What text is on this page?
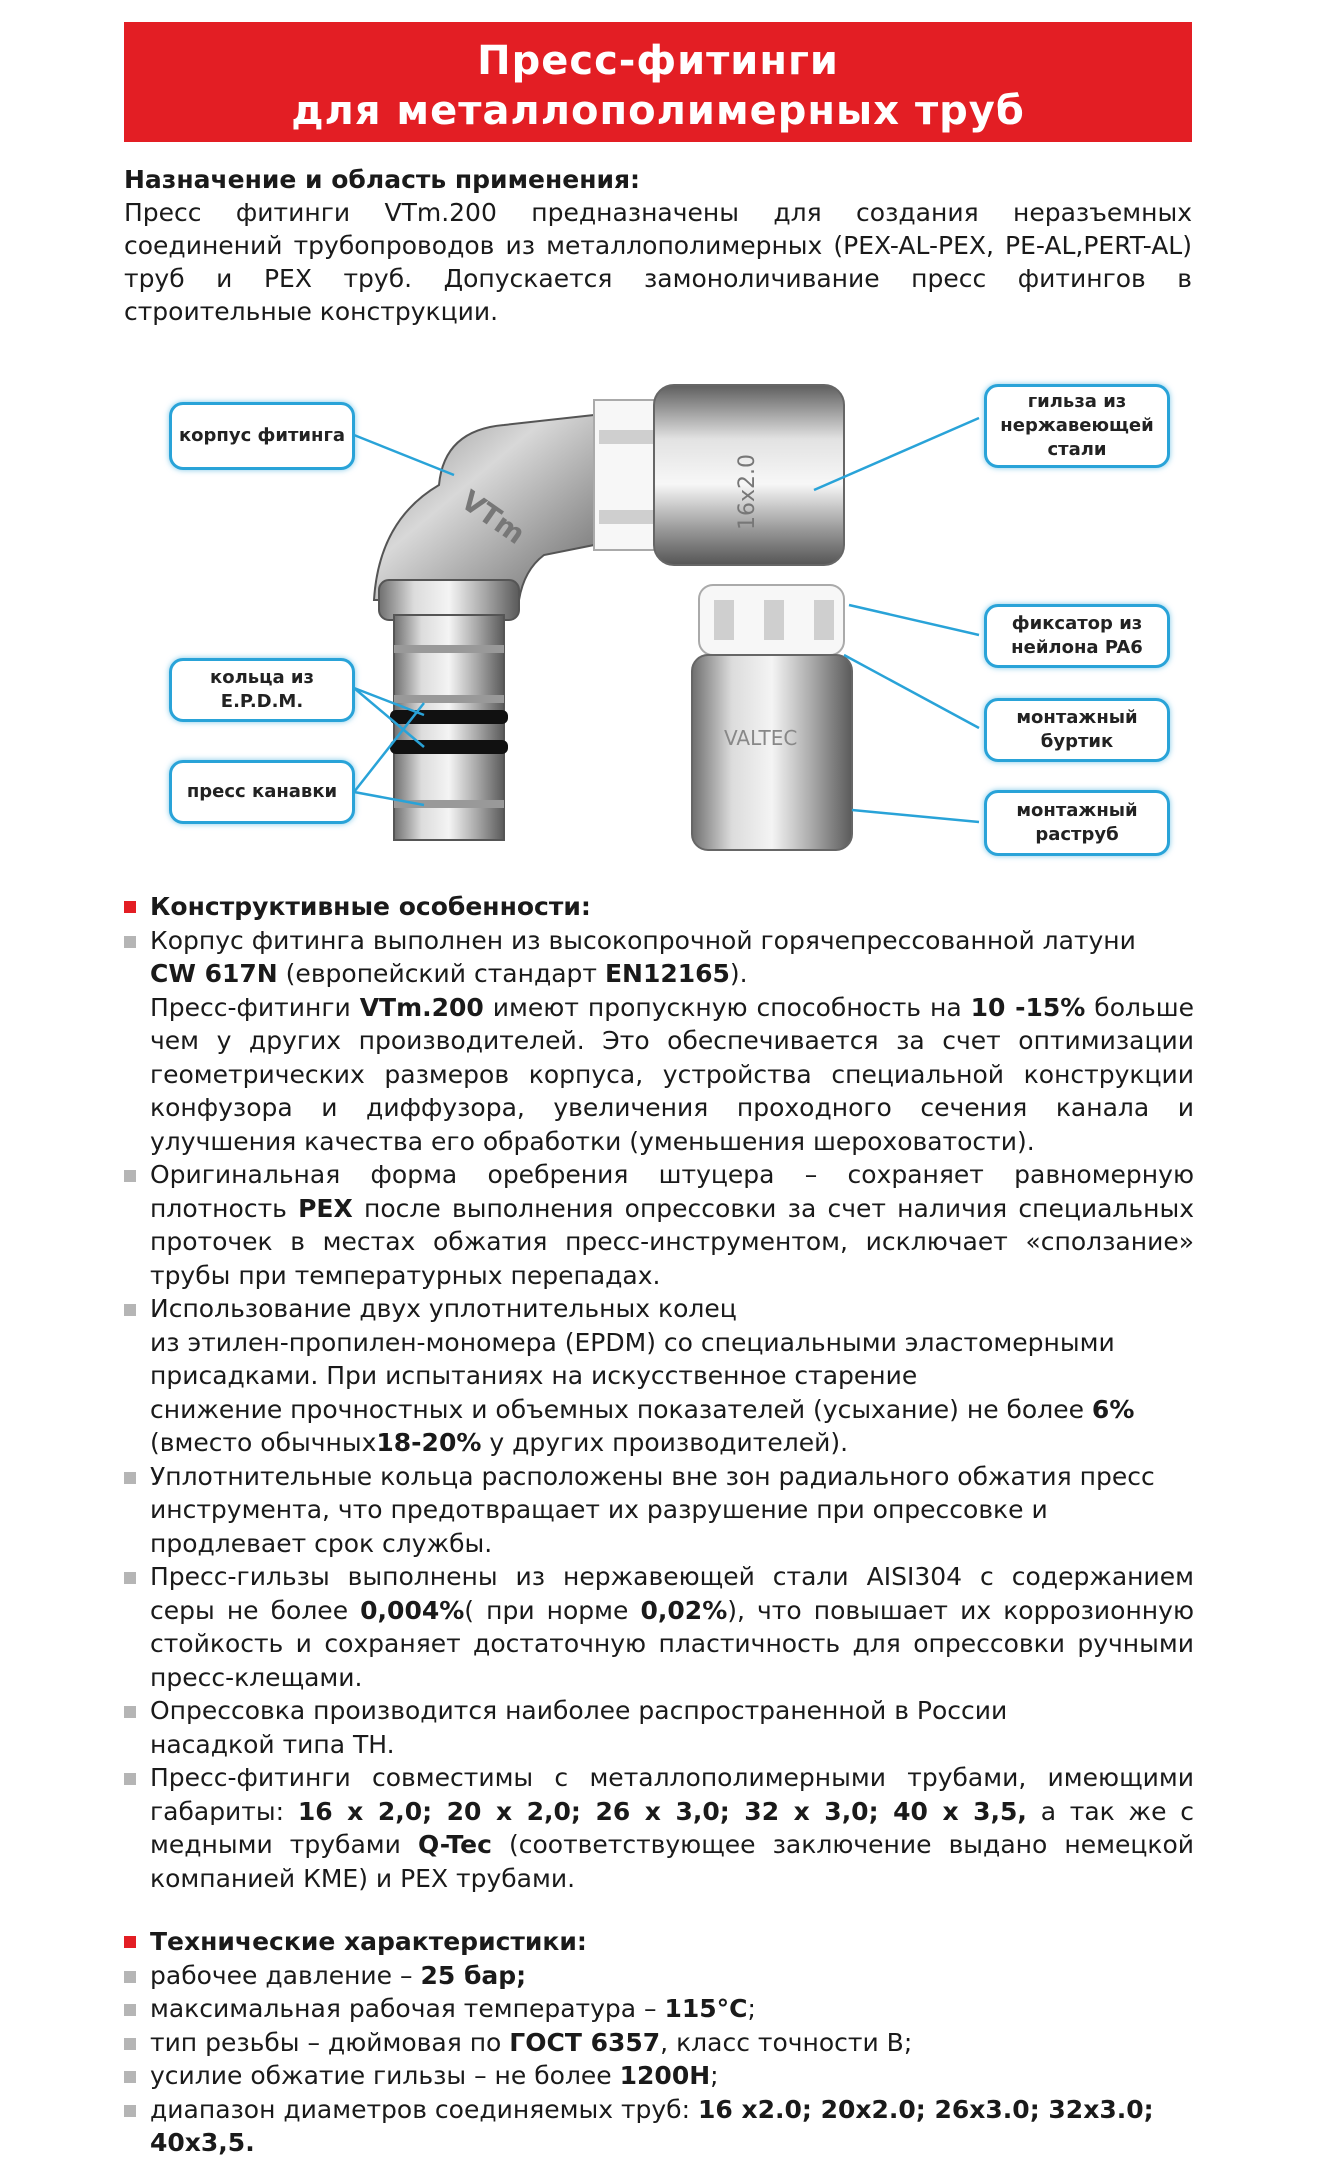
Пресс-фитинги
для металлополимерных труб
Назначение и область применения:
Пресс фитинги VTm.200 предназначены для создания неразъемных соединений трубопроводов из металлополимерных (PEX-AL-PEX, PE-AL,PERT-AL) труб и PEX труб. Допускается замоноличивание пресс фитингов в строительные конструкции.
VTm	16x2.0
VALTEC
корпус фитинга
гильза из нержавеющей стали
фиксатор из нейлона PA6
кольца из E.P.D.M.
монтажный буртик
пресс канавки
монтажный раструб
Конструктивные особенности:
Корпус фитинга выполнен из высокопрочной горячепрессованной латуни
CW 617N (европейский стандарт EN12165).
Пресс-фитинги VTm.200 имеют пропускную способность на 10 -15% больше чем у других производителей. Это обеспечивается за счет оптимизации геометрических размеров корпуса, устройства специальной конструкции конфузора и диффузора, увеличения проходного сечения канала и улучшения качества его обработки (уменьшения шероховатости).
Оригинальная форма оребрения штуцера – сохраняет равномерную плотность PEX после выполнения опрессовки за счет наличия специальных проточек в местах обжатия пресс-инструментом, исключает «сползание» трубы при температурных перепадах.
Использование двух уплотнительных колец
из этилен-пропилен-мономера (EPDM) со специальными эластомерными присадками. При испытаниях на искусственное старение
снижение прочностных и объемных показателей (усыхание) не более 6%
(вместо обычных18-20% у других производителей).
Уплотнительные кольца расположены вне зон радиального обжатия пресс инструмента, что предотвращает их разрушение при опрессовке и продлевает срок службы.
Пресс-гильзы выполнены из нержавеющей стали AISI304 с содержанием серы не более 0,004%( при норме 0,02%), что повышает их коррозионную стойкость и сохраняет достаточную пластичность для опрессовки ручными пресс-клещами.
Опрессовка производится наиболее распространенной в России
насадкой типа TH.
Пресс-фитинги совместимы с металлополимерными трубами, имеющими габариты: 16 х 2,0; 20 х 2,0; 26 х 3,0; 32 х 3,0; 40 х 3,5, а так же с медными трубами Q-Tec (соответствующее заключение выдано немецкой компанией КМЕ) и PEX трубами.
Технические характеристики:
рабочее давление – 25 бар;
максимальная рабочая температура – 115°C;
тип резьбы – дюймовая по ГОСТ 6357, класс точности B;
усилие обжатие гильзы – не более 1200Н;
диапазон диаметров соединяемых труб: 16 x2.0; 20x2.0; 26x3.0; 32x3.0; 40x3,5.
